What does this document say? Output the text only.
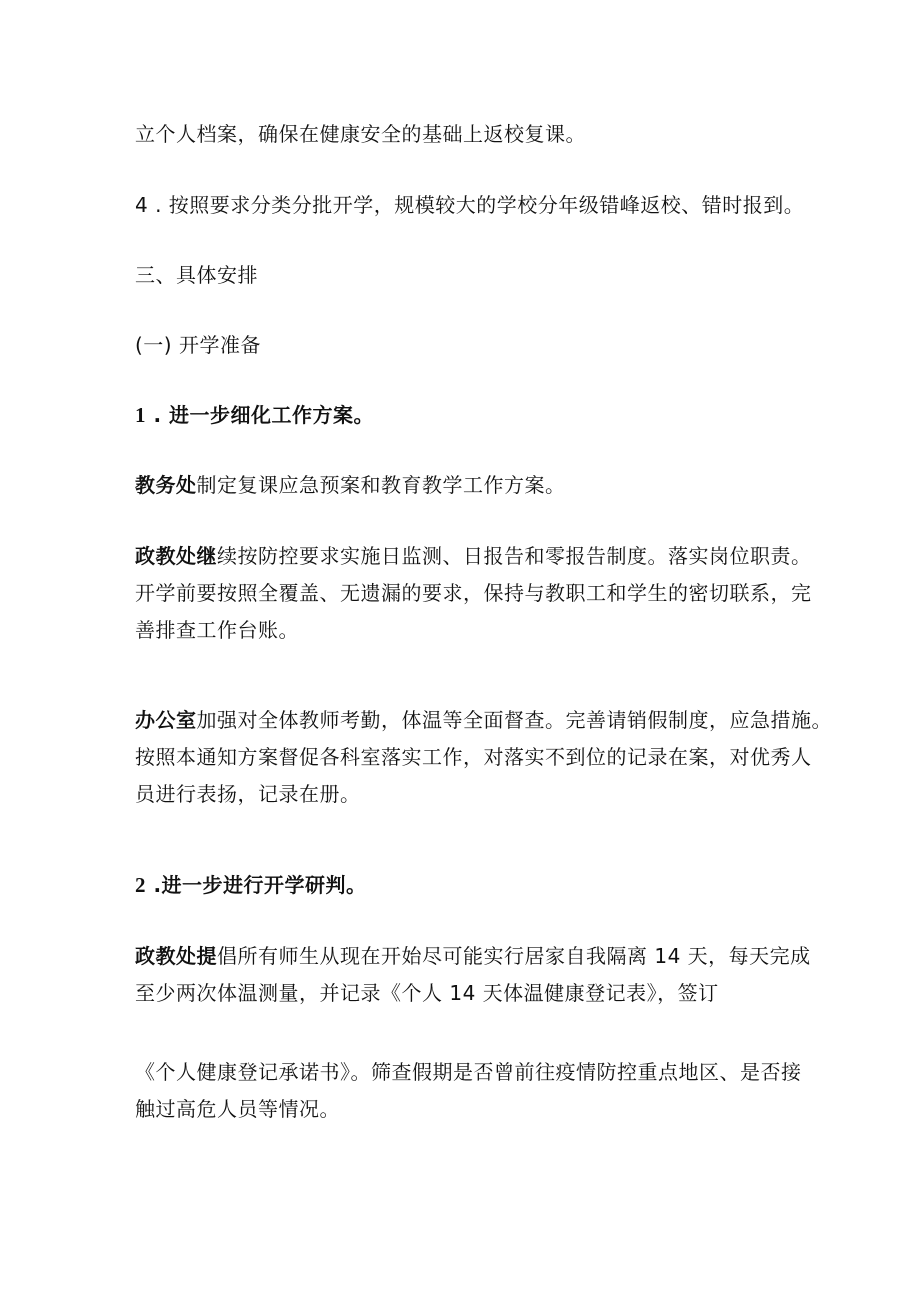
立个人档案，确保在健康安全的基础上返校复课。
4 . 按照要求分类分批开学，规模较大的学校分年级错峰返校、错时报到。
三、具体安排
(一) 开学准备
1 . 进一步细化工作方案。
教务处制定复课应急预案和教育教学工作方案。
政教处继续按防控要求实施日监测、日报告和零报告制度。落实岗位职责。
开学前要按照全覆盖、无遗漏的要求，保持与教职工和学生的密切联系，完
善排查工作台账。
办公室加强对全体教师考勤，体温等全面督查。完善请销假制度，应急措施。
按照本通知方案督促各科室落实工作，对落实不到位的记录在案，对优秀人
员进行表扬，记录在册。
2 .进一步进行开学研判。
政教处提倡所有师生从现在开始尽可能实行居家自我隔离 14 天，每天完成
至少两次体温测量，并记录《个人 14 天体温健康登记表》，签订
《个人健康登记承诺书》。筛查假期是否曾前往疫情防控重点地区、是否接
触过高危人员等情况。
